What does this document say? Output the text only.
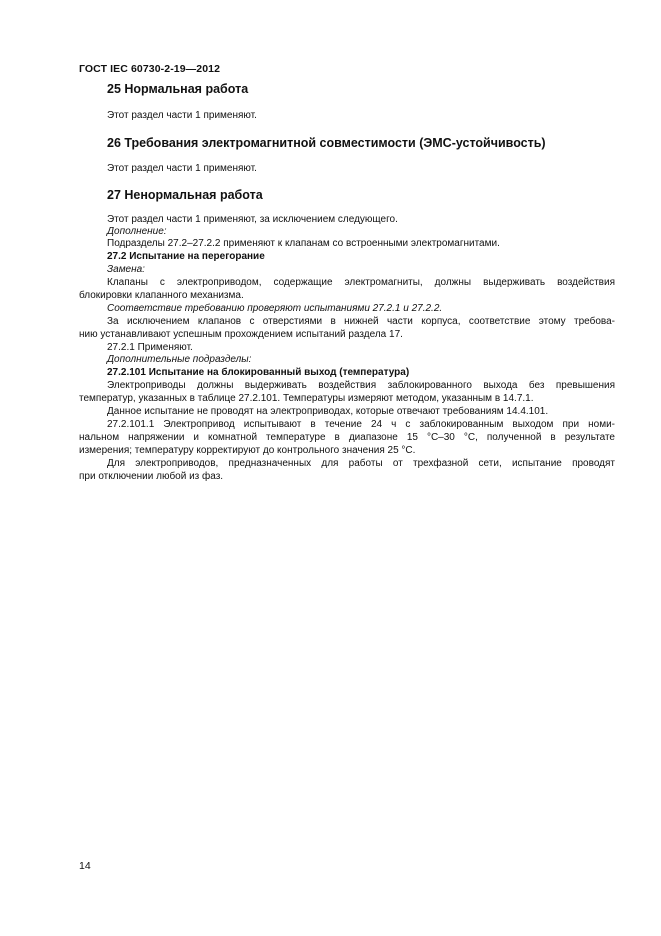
ГОСТ IEC 60730-2-19—2012
25 Нормальная работа
Этот раздел части 1 применяют.
26 Требования электромагнитной совместимости (ЭМС-устойчивость)
Этот раздел части 1 применяют.
27 Ненормальная работа
Этот раздел части 1 применяют, за исключением следующего.
Дополнение:
Подразделы 27.2–27.2.2 применяют к клапанам со встроенными электромагнитами.
27.2 Испытание на перегорание
Замена:
Клапаны с электроприводом, содержащие электромагниты, должны выдерживать воздействия
блокировки клапанного механизма.
Соответствие требованию проверяют испытаниями 27.2.1 и 27.2.2.
За исключением клапанов с отверстиями в нижней части корпуса, соответствие этому требова-
нию устанавливают успешным прохождением испытаний раздела 17.
27.2.1 Применяют.
Дополнительные подразделы:
27.2.101 Испытание на блокированный выход (температура)
Электроприводы должны выдерживать воздействия заблокированного выхода без превышения
температур, указанных в таблице 27.2.101. Температуры измеряют методом, указанным в 14.7.1.
Данное испытание не проводят на электроприводах, которые отвечают требованиям 14.4.101.
27.2.101.1 Электропривод испытывают в течение 24 ч с заблокированным выходом при номи-
нальном напряжении и комнатной температуре в диапазоне 15 °С–30 °С, полученной в результате
измерения; температуру корректируют до контрольного значения 25 °С.
Для электроприводов, предназначенных для работы от трехфазной сети, испытание проводят
при отключении любой из фаз.
14
